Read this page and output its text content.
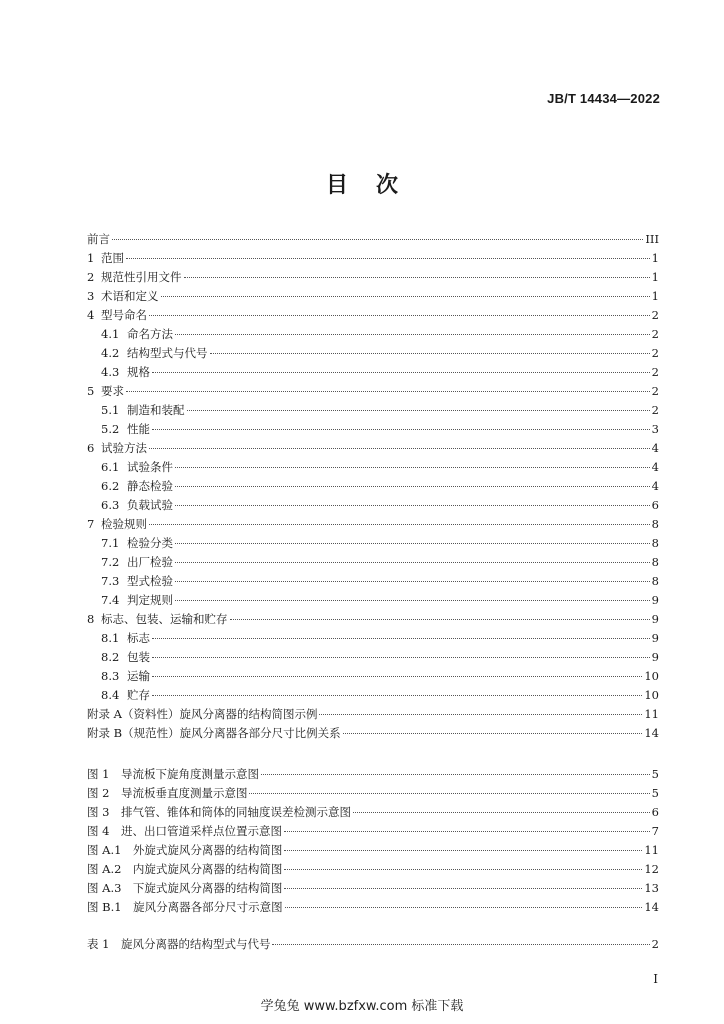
JB/T 14434—2022
目次
前言	III
1 范围	1
2 规范性引用文件	1
3 术语和定义	1
4 型号命名	2
4.1 命名方法	2
4.2 结构型式与代号	2
4.3 规格	2
5 要求	2
5.1 制造和装配	2
5.2 性能	3
6 试验方法	4
6.1 试验条件	4
6.2 静态检验	4
6.3 负载试验	6
7 检验规则	8
7.1 检验分类	8
7.2 出厂检验	8
7.3 型式检验	8
7.4 判定规则	9
8 标志、包装、运输和贮存	9
8.1 标志	9
8.2 包装	9
8.3 运输	10
8.4 贮存	10
附录 A（资料性）旋风分离器的结构简图示例	11
附录 B（规范性）旋风分离器各部分尺寸比例关系	14
图 1　导流板下旋角度测量示意图	5
图 2　导流板垂直度测量示意图	5
图 3　排气管、锥体和筒体的同轴度误差检测示意图	6
图 4　进、出口管道采样点位置示意图	7
图 A.1　外旋式旋风分离器的结构简图	11
图 A.2　内旋式旋风分离器的结构简图	12
图 A.3　下旋式旋风分离器的结构简图	13
图 B.1　旋风分离器各部分尺寸示意图	14
表 1　旋风分离器的结构型式与代号	2
I
学兔兔 www.bzfxw.com 标准下载
